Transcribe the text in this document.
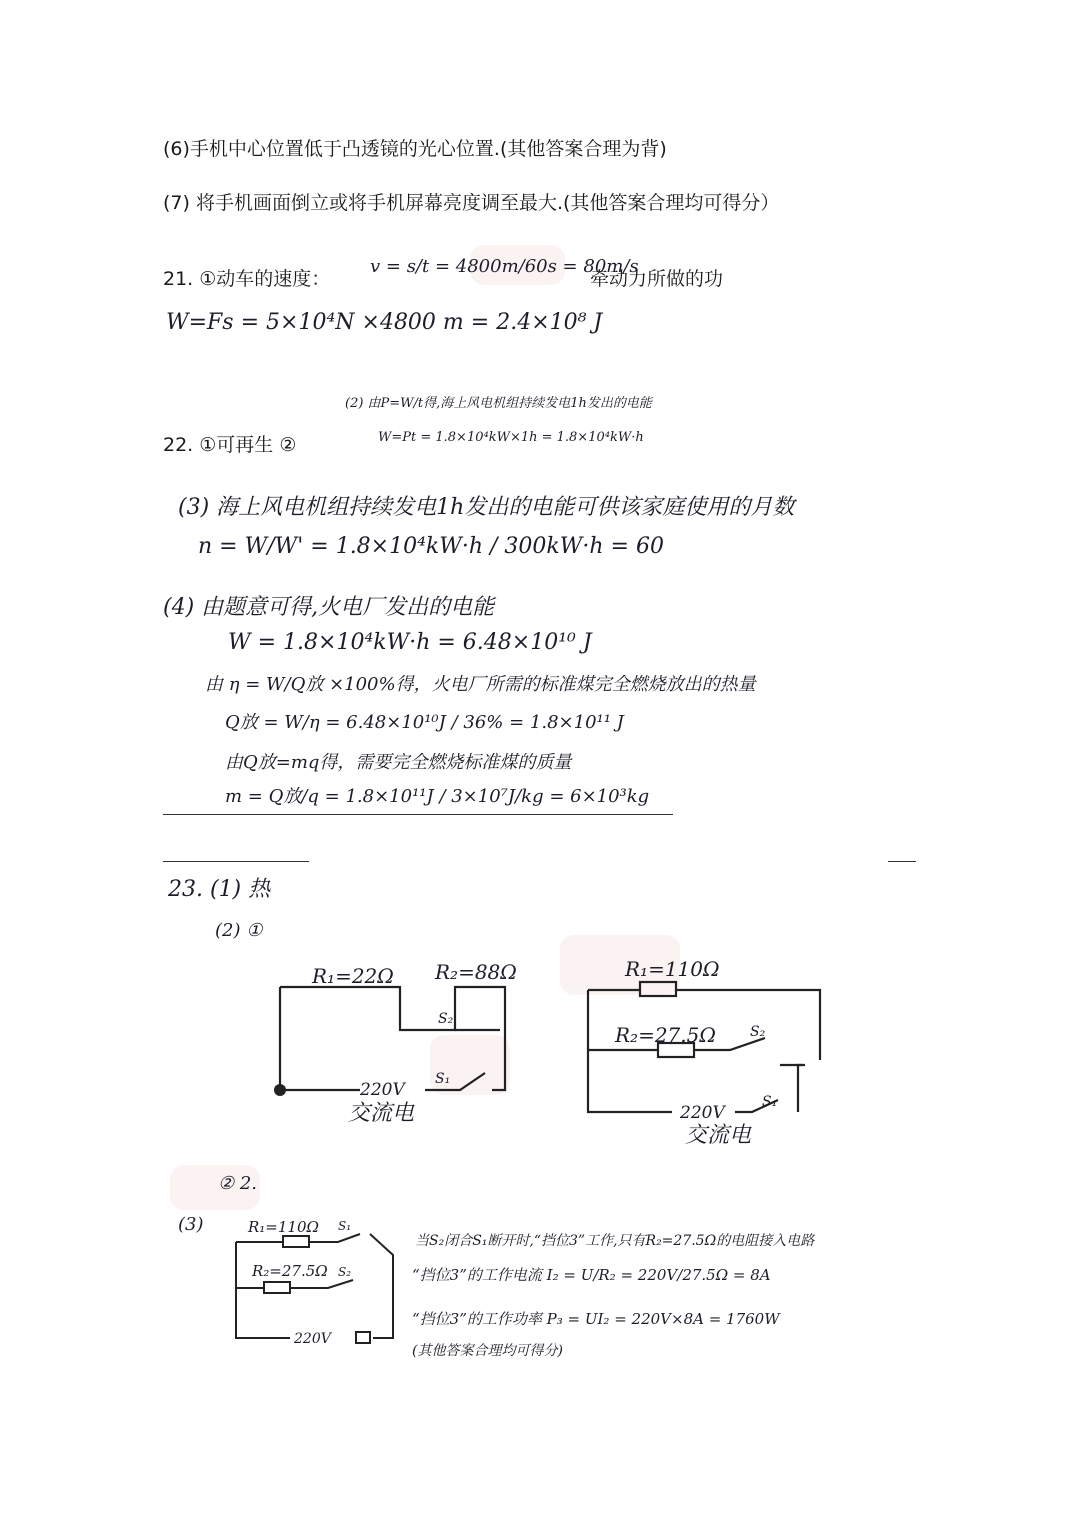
(6)手机中心位置低于凸透镜的光心位置.(其他答案合理为背)
(7) 将手机画面倒立或将手机屏幕亮度调至最大.(其他答案合理均可得分）
21. ①动车的速度：	牵动力所做的功
22. ①可再生 ②
v = s/t = 4800m/60s = 80m/s
W=Fs = 5×10⁴N ×4800 m = 2.4×10⁸ J
(2) 由P=W/t得,海上风电机组持续发电1h发出的电能
W=Pt = 1.8×10⁴kW×1h = 1.8×10⁴kW·h
(3) 海上风电机组持续发电1h发出的电能可供该家庭使用的月数
n = W/W' = 1.8×10⁴kW·h / 300kW·h = 60
(4) 由题意可得,火电厂发出的电能
W = 1.8×10⁴kW·h = 6.48×10¹⁰ J
由 η = W/Q放 ×100%得，火电厂所需的标准煤完全燃烧放出的热量
Q放 = W/η = 6.48×10¹⁰J / 36% = 1.8×10¹¹ J
由Q放=mq得，需要完全燃烧标准煤的质量
m = Q放/q = 1.8×10¹¹J / 3×10⁷J/kg = 6×10³kg
23. (1) 热
(2) ①
R₁=22Ω R₂=88Ω
S₂
220V
S₁
交流电
R₁=110Ω
R₂=27.5Ω S₂
220V
S₁
交流电
② 2.
(3)	R₁=110Ω S₁
R₂=27.5Ω S₂
220V
当S₂闭合S₁断开时,“挡位3”工作,只有R₂=27.5Ω的电阻接入电路
“挡位3”的工作电流 I₂ = U/R₂ = 220V/27.5Ω = 8A
“挡位3”的工作功率 P₃ = UI₂ = 220V×8A = 1760W
(其他答案合理均可得分)
